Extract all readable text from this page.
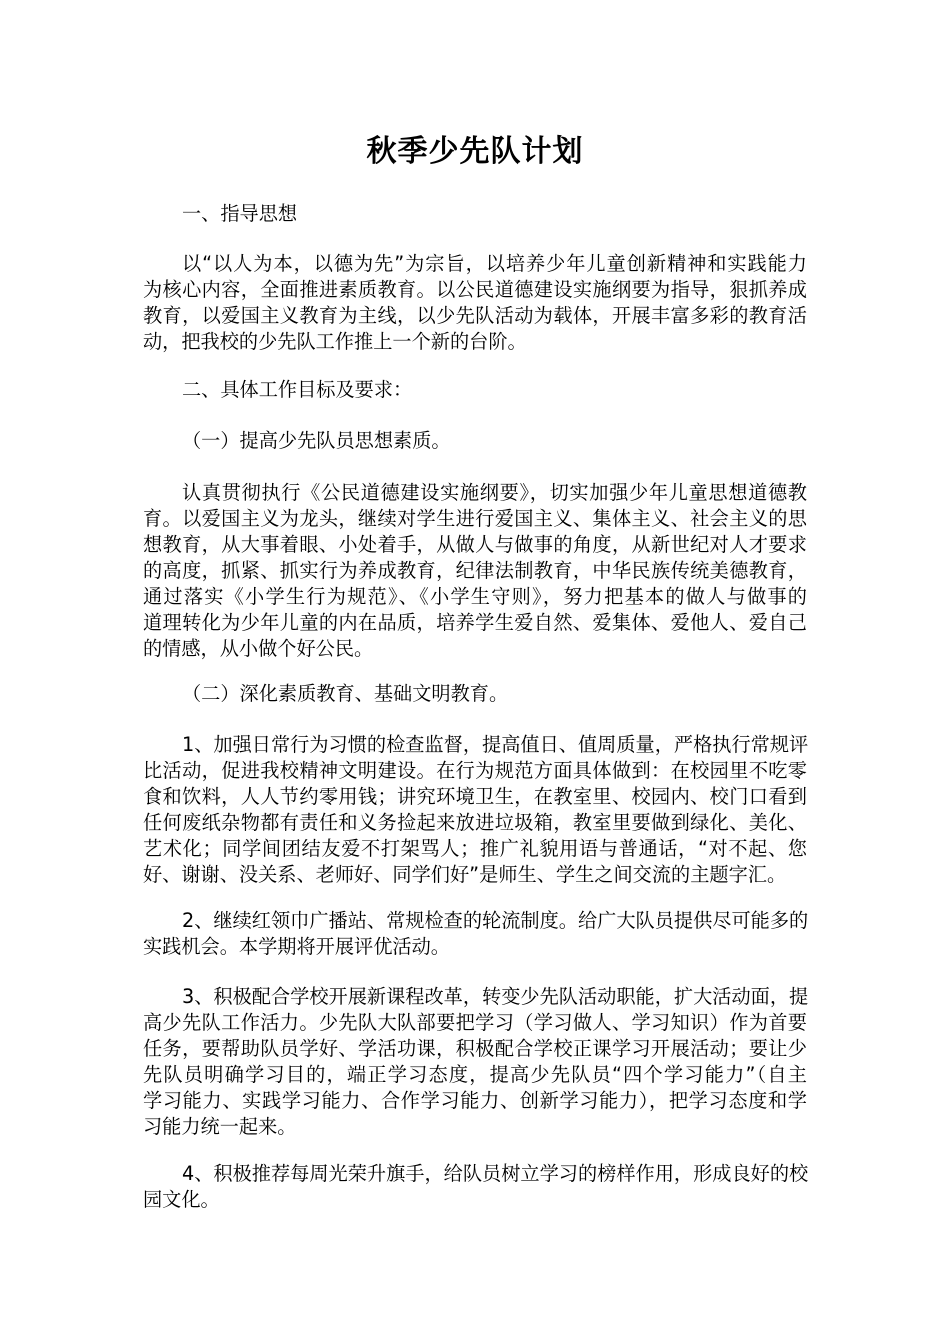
秋季少先队计划
一、指导思想
以“以人为本，以德为先”为宗旨，以培养少年儿童创新精神和实践能力
为核心内容，全面推进素质教育。以公民道德建设实施纲要为指导，狠抓养成
教育，以爱国主义教育为主线，以少先队活动为载体，开展丰富多彩的教育活
动，把我校的少先队工作推上一个新的台阶。
二、具体工作目标及要求：
（一）提高少先队员思想素质。
认真贯彻执行《公民道德建设实施纲要》，切实加强少年儿童思想道德教
育。以爱国主义为龙头，继续对学生进行爱国主义、集体主义、社会主义的思
想教育，从大事着眼、小处着手，从做人与做事的角度，从新世纪对人才要求
的高度，抓紧、抓实行为养成教育，纪律法制教育，中华民族传统美德教育，
通过落实《小学生行为规范》、《小学生守则》，努力把基本的做人与做事的
道理转化为少年儿童的内在品质，培养学生爱自然、爱集体、爱他人、爱自己
的情感，从小做个好公民。
（二）深化素质教育、基础文明教育。
1、加强日常行为习惯的检查监督，提高值日、值周质量，严格执行常规评
比活动，促进我校精神文明建设。在行为规范方面具体做到：在校园里不吃零
食和饮料，人人节约零用钱；讲究环境卫生，在教室里、校园内、校门口看到
任何废纸杂物都有责任和义务捡起来放进垃圾箱，教室里要做到绿化、美化、
艺术化；同学间团结友爱不打架骂人；推广礼貌用语与普通话，“对不起、您
好、谢谢、没关系、老师好、同学们好”是师生、学生之间交流的主题字汇。
2、继续红领巾广播站、常规检查的轮流制度。给广大队员提供尽可能多的
实践机会。本学期将开展评优活动。
3、积极配合学校开展新课程改革，转变少先队活动职能，扩大活动面，提
高少先队工作活力。少先队大队部要把学习（学习做人、学习知识）作为首要
任务，要帮助队员学好、学活功课，积极配合学校正课学习开展活动；要让少
先队员明确学习目的，端正学习态度，提高少先队员“四个学习能力”（自主
学习能力、实践学习能力、合作学习能力、创新学习能力），把学习态度和学
习能力统一起来。
4、积极推荐每周光荣升旗手，给队员树立学习的榜样作用，形成良好的校
园文化。
